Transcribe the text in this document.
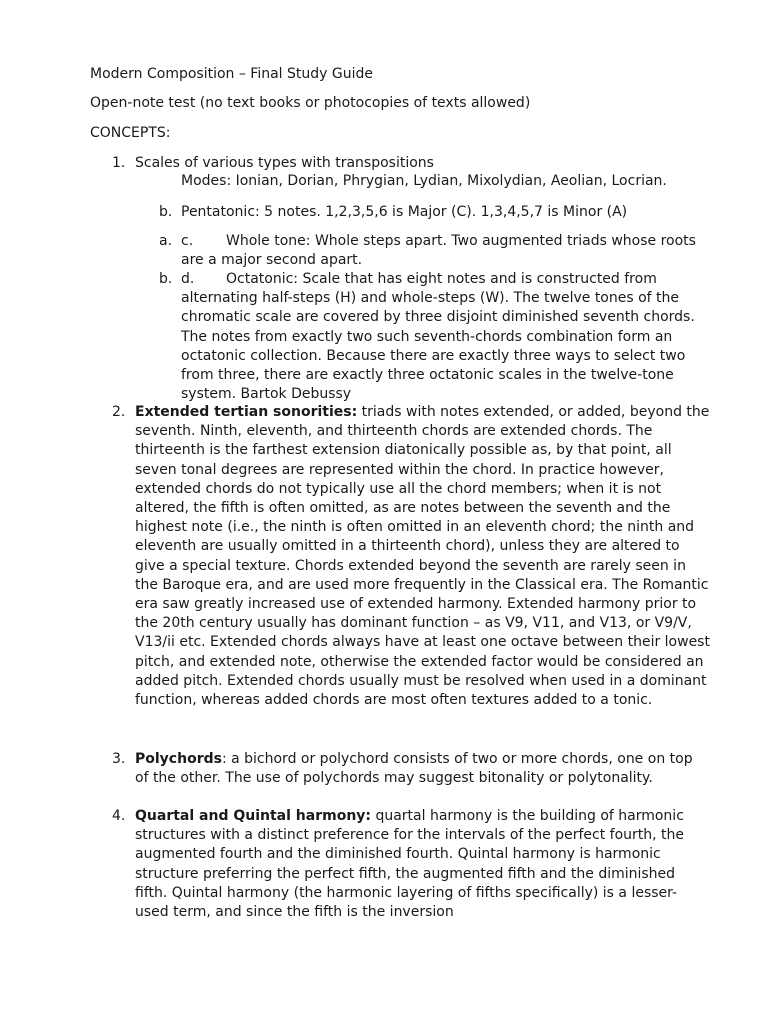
Modern Composition – Final Study Guide
Open-note test (no text books or photocopies of texts allowed)
CONCEPTS:
1. Scales of various types with transpositions
Modes: Ionian, Dorian, Phrygian, Lydian, Mixolydian, Aeolian, Locrian.
b. Pentatonic: 5 notes. 1,2,3,5,6 is Major (C). 1,3,4,5,7 is Minor (A)
a. c. Whole tone: Whole steps apart. Two augmented triads whose roots are a major second apart.
b. d. Octatonic: Scale that has eight notes and is constructed from alternating half-steps (H) and whole-steps (W). The twelve tones of the chromatic scale are covered by three disjoint diminished seventh chords. The notes from exactly two such seventh-chords combination form an octatonic collection. Because there are exactly three ways to select two from three, there are exactly three octatonic scales in the twelve-tone system. Bartok Debussy
2. Extended tertian sonorities: triads with notes extended, or added, beyond the seventh. Ninth, eleventh, and thirteenth chords are extended chords. The thirteenth is the farthest extension diatonically possible as, by that point, all seven tonal degrees are represented within the chord. In practice however, extended chords do not typically use all the chord members; when it is not altered, the fifth is often omitted, as are notes between the seventh and the highest note (i.e., the ninth is often omitted in an eleventh chord; the ninth and eleventh are usually omitted in a thirteenth chord), unless they are altered to give a special texture. Chords extended beyond the seventh are rarely seen in the Baroque era, and are used more frequently in the Classical era. The Romantic era saw greatly increased use of extended harmony. Extended harmony prior to the 20th century usually has dominant function – as V9, V11, and V13, or V9/V, V13/ii etc. Extended chords always have at least one octave between their lowest pitch, and extended note, otherwise the extended factor would be considered an added pitch. Extended chords usually must be resolved when used in a dominant function, whereas added chords are most often textures added to a tonic.
3. Polychords: a bichord or polychord consists of two or more chords, one on top of the other. The use of polychords may suggest bitonality or polytonality.
4. Quartal and Quintal harmony: quartal harmony is the building of harmonic structures with a distinct preference for the intervals of the perfect fourth, the augmented fourth and the diminished fourth. Quintal harmony is harmonic structure preferring the perfect fifth, the augmented fifth and the diminished fifth. Quintal harmony (the harmonic layering of fifths specifically) is a lesser-used term, and since the fifth is the inversion
